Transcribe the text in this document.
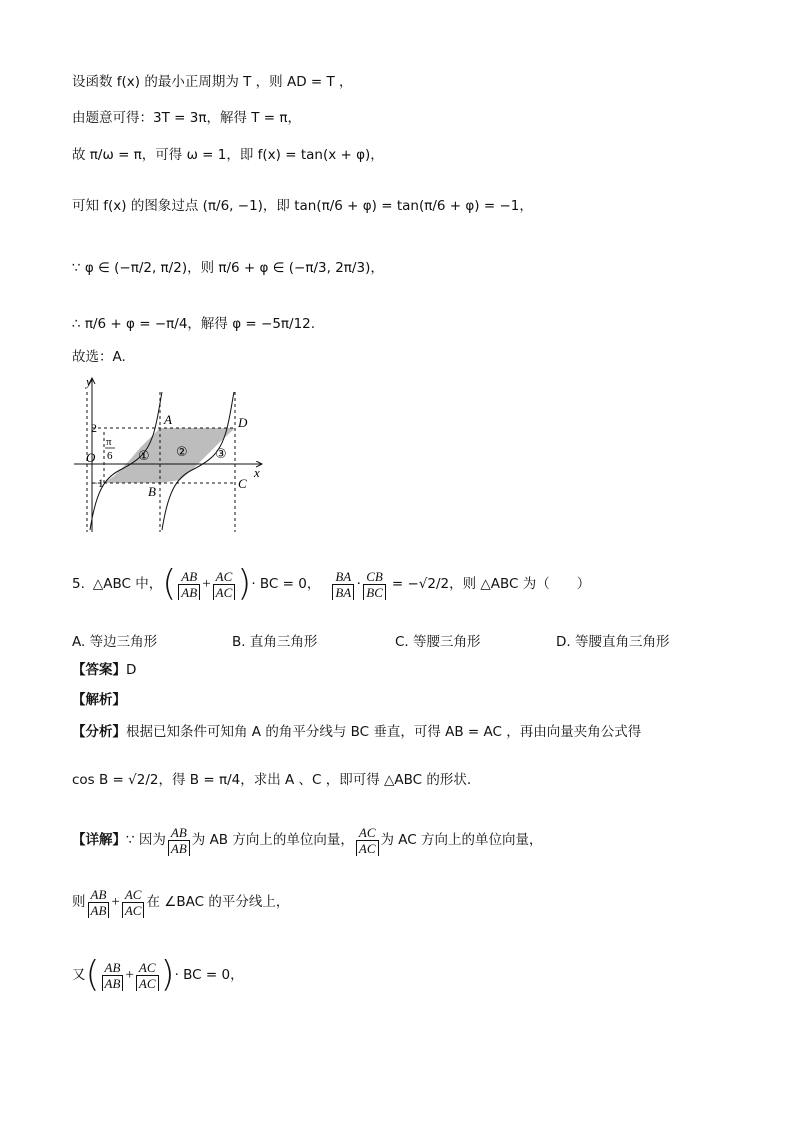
设函数 f(x) 的最小正周期为 T ，则 AD = T ，
由题意可得：3T = 3π，解得 T = π，
故 π/ω = π，可得 ω = 1，即 f(x) = tan(x + φ)，
可知 f(x) 的图象过点 (π/6, −1)，即 tan(π/6 + φ) = tan(π/6 + φ) = −1，
∵ φ ∈ (−π/2, π/2)，则 π/6 + φ ∈ (−π/3, 2π/3)，
∴ π/6 + φ = −π/4，解得 φ = −5π/12.
故选：A.
y
x
O
2
−1
π
6
A
B
C
D
① ② ③
5. △ABC 中， ( $\frac{AB}{AB} + \frac{AC}{AC}$ ) · BC = 0， $\frac{BA}{BA} \cdot \frac{CB}{BC} = -√2/2$ ，则 △ABC 为（　　）
A. 等边三角形	B. 直角三角形	C. 等腰三角形	D. 等腰直角三角形
【答案】D
【解析】
【分析】根据已知条件可知角 A 的角平分线与 BC 垂直，可得 AB = AC ，再由向量夹角公式得
cos B = √2/2，得 B = π/4，求出 A 、C ，即可得 △ABC 的形状.
【详解】 ∵ 因为 $\frac{AB}{AB}$ 为 AB 方向上的单位向量， $\frac{AC}{AC}$ 为 AC 方向上的单位向量，
则 $\frac{AB}{AB} + \frac{AC}{AC}$ 在 ∠BAC 的平分线上，
又 ( $\frac{AB}{AB} + \frac{AC}{AC}$ ) · BC = 0，
